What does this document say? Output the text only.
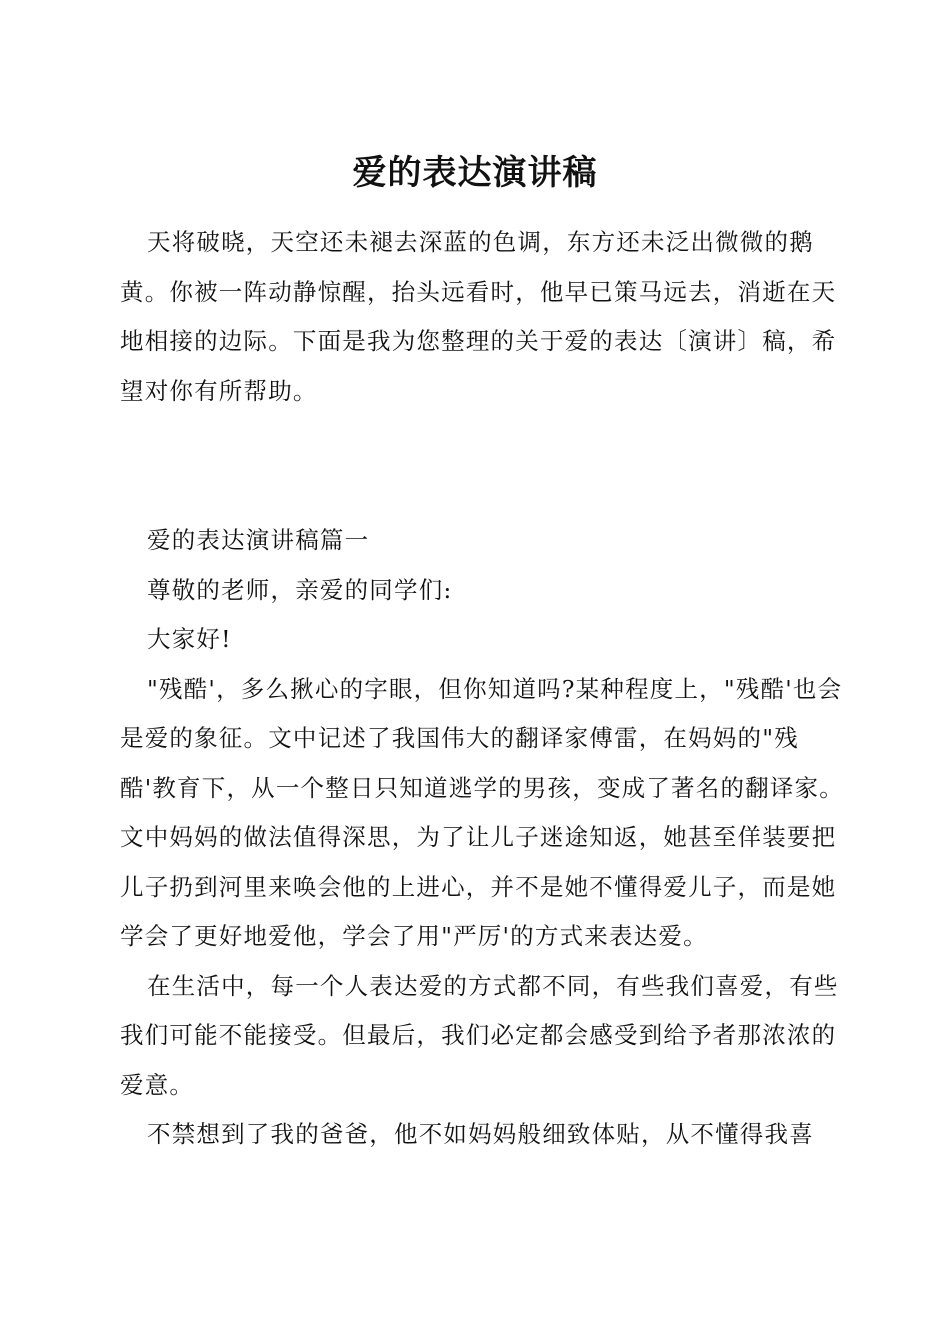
爱的表达演讲稿

天将破晓，天空还未褪去深蓝的色调，东方还未泛出微微的鹅黄。你被一阵动静惊醒，抬头远看时，他早已策马远去，消逝在天地相接的边际。下面是我为您整理的关于爱的表达〔演讲〕稿，希望对你有所帮助。

爱的表达演讲稿篇一

尊敬的老师，亲爱的同学们:

大家好!

"残酷'，多么揪心的字眼，但你知道吗?某种程度上，"残酷'也会是爱的象征。文中记述了我国伟大的翻译家傅雷，在妈妈的"残酷'教育下，从一个整日只知道逃学的男孩，变成了著名的翻译家。文中妈妈的做法值得深思，为了让儿子迷途知返，她甚至佯装要把儿子扔到河里来唤会他的上进心，并不是她不懂得爱儿子，而是她学会了更好地爱他，学会了用"严厉'的方式来表达爱。

在生活中，每一个人表达爱的方式都不同，有些我们喜爱，有些我们可能不能接受。但最后，我们必定都会感受到给予者那浓浓的爱意。

不禁想到了我的爸爸，他不如妈妈般细致体贴，从不懂得我喜
